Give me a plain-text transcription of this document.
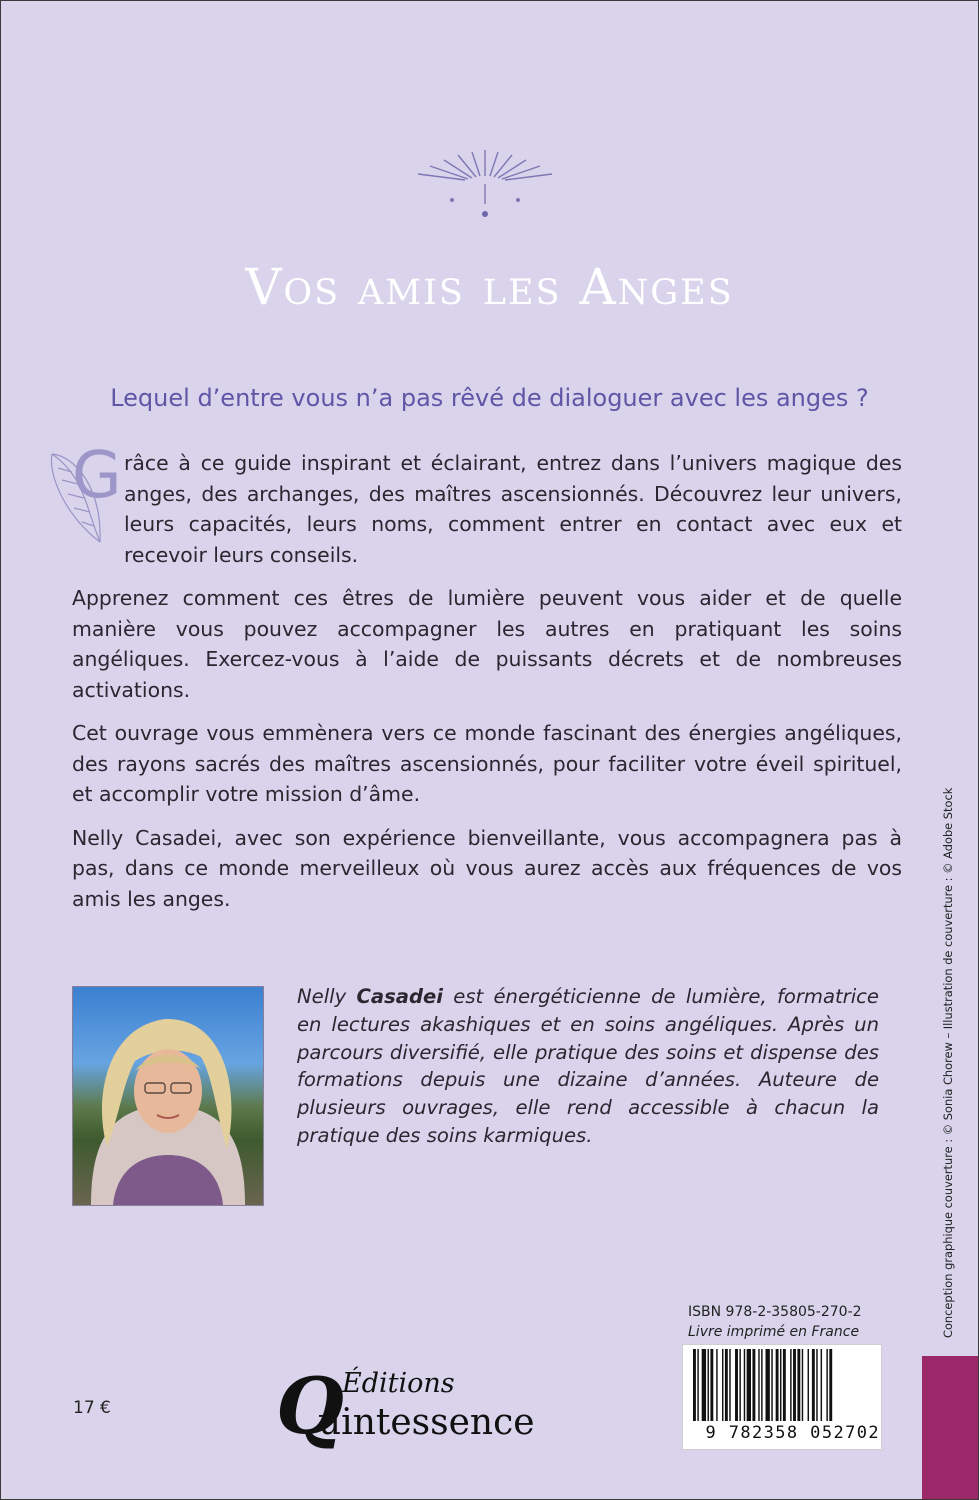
Vos amis les Anges
Lequel d’entre vous n’a pas rêvé de dialoguer avec les anges ?

G râce à ce guide inspirant et éclairant, entrez dans l’univers magique des anges, des archanges, des maîtres ascensionnés. Découvrez leur univers, leurs capacités, leurs noms, comment entrer en contact avec eux et recevoir leurs conseils.

Apprenez comment ces êtres de lumière peuvent vous aider et de quelle manière vous pouvez accompagner les autres en pratiquant les soins angéliques. Exercez-vous à l’aide de puissants décrets et de nombreuses activations.

Cet ouvrage vous emmènera vers ce monde fascinant des énergies angéliques, des rayons sacrés des maîtres ascensionnés, pour faciliter votre éveil spirituel, et accomplir votre mission d’âme.

Nelly Casadei, avec son expérience bienveillante, vous accompagnera pas à pas, dans ce monde merveilleux où vous aurez accès aux fréquences de vos amis les anges.

Nelly Casadei est énergéticienne de lumière, formatrice en lectures akashiques et en soins angéliques. Après un parcours diversifié, elle pratique des soins et dispense des formations depuis une dizaine d’années. Auteure de plusieurs ouvrages, elle rend accessible à chacun la pratique des soins karmiques.	Conception graphique couverture : © Sonia Chorew – Illustration de couverture : © Adobe Stock
ISBN 978-2-35805-270-2
Livre imprimé en France
9 782358 052702
17 € Q
Éditions
uintessence
